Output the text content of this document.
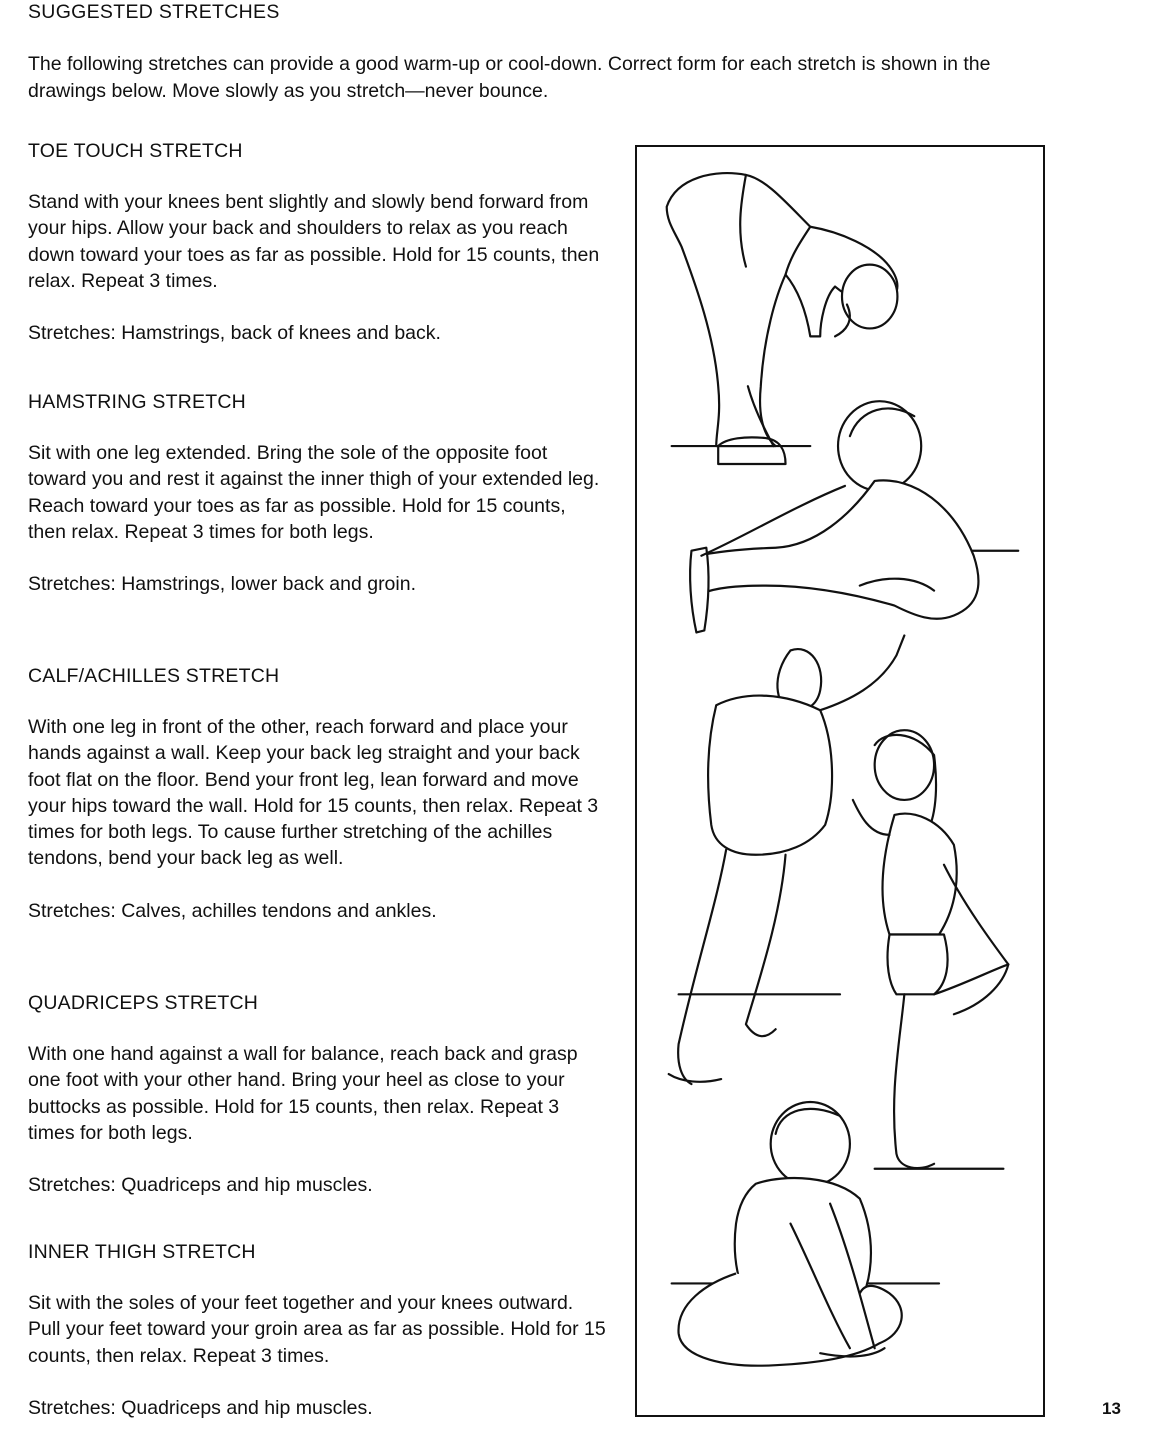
SUGGESTED STRETCHES

The following stretches can provide a good warm-up or cool-down. Correct form for each stretch is shown in the drawings below. Move slowly as you stretch—never bounce.

TOE TOUCH STRETCH

Stand with your knees bent slightly and slowly bend forward from your hips. Allow your back and shoulders to relax as you reach down toward your toes as far as possible. Hold for 15 counts, then relax. Repeat 3 times.

Stretches: Hamstrings, back of knees and back.

HAMSTRING STRETCH

Sit with one leg extended. Bring the sole of the opposite foot toward you and rest it against the inner thigh of your extended leg. Reach toward your toes as far as possible. Hold for 15 counts, then relax. Repeat 3 times for both legs.

Stretches: Hamstrings, lower back and groin.

CALF/ACHILLES STRETCH

With one leg in front of the other, reach forward and place your hands against a wall. Keep your back leg straight and your back foot flat on the floor. Bend your front leg, lean forward and move your hips toward the wall. Hold for 15 counts, then relax. Repeat 3 times for both legs. To cause further stretching of the achilles tendons, bend your back leg as well.

Stretches: Calves, achilles tendons and ankles.

QUADRICEPS STRETCH

With one hand against a wall for balance, reach back and grasp one foot with your other hand. Bring your heel as close to your buttocks as possible. Hold for 15 counts, then relax. Repeat 3 times for both legs.

Stretches: Quadriceps and hip muscles.

INNER THIGH STRETCH

Sit with the soles of your feet together and your knees outward. Pull your feet toward your groin area as far as possible. Hold for 15 counts, then relax. Repeat 3 times.

Stretches: Quadriceps and hip muscles.	13
